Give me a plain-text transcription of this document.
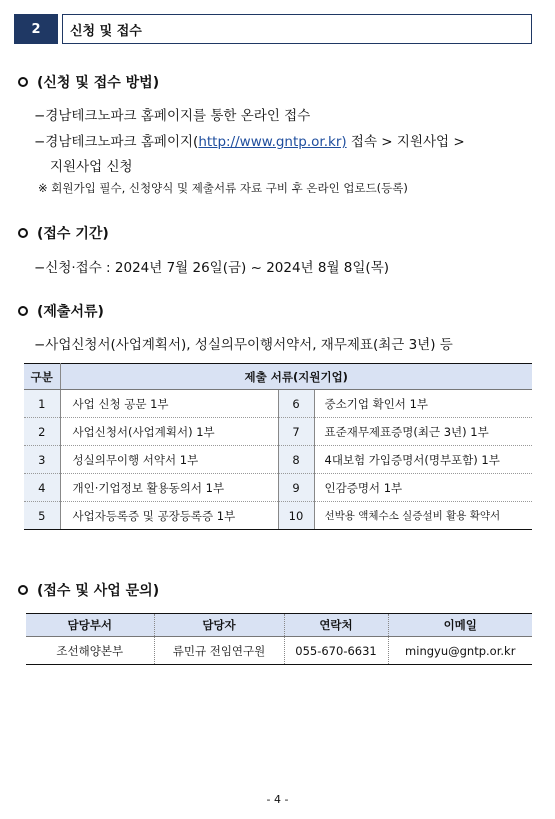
2	신청 및 접수
(신청 및 접수 방법)
−경남테크노파크 홈페이지를 통한 온라인 접수
−경남테크노파크 홈페이지(http://www.gntp.or.kr) 접속 > 지원사업 >
지원사업 신청
※ 회원가입 필수, 신청양식 및 제출서류 자료 구비 후 온라인 업로드(등록)
(접수 기간)
−신청·접수 : 2024년 7월 26일(금) ~ 2024년 8월 8일(목)
(제출서류)
−사업신청서(사업계획서), 성실의무이행서약서, 재무제표(최근 3년) 등
구분	제출 서류(지원기업)		
1	사업 신청 공문 1부	6	중소기업 확인서 1부
2	사업신청서(사업계획서) 1부	7	표준재무제표증명(최근 3년) 1부
3	성실의무이행 서약서 1부	8	4대보험 가입증명서(명부포함) 1부
4	개인·기업정보 활용동의서 1부	9	인감증명서 1부
5	사업자등록증 및 공장등록증 1부	10	선박용 액체수소 실증설비 활용 확약서
(접수 및 사업 문의)
담당부서	담당자	연락처	이메일
조선해양본부	류민규 전임연구원	055-670-6631	mingyu@gntp.or.kr
- 4 -
